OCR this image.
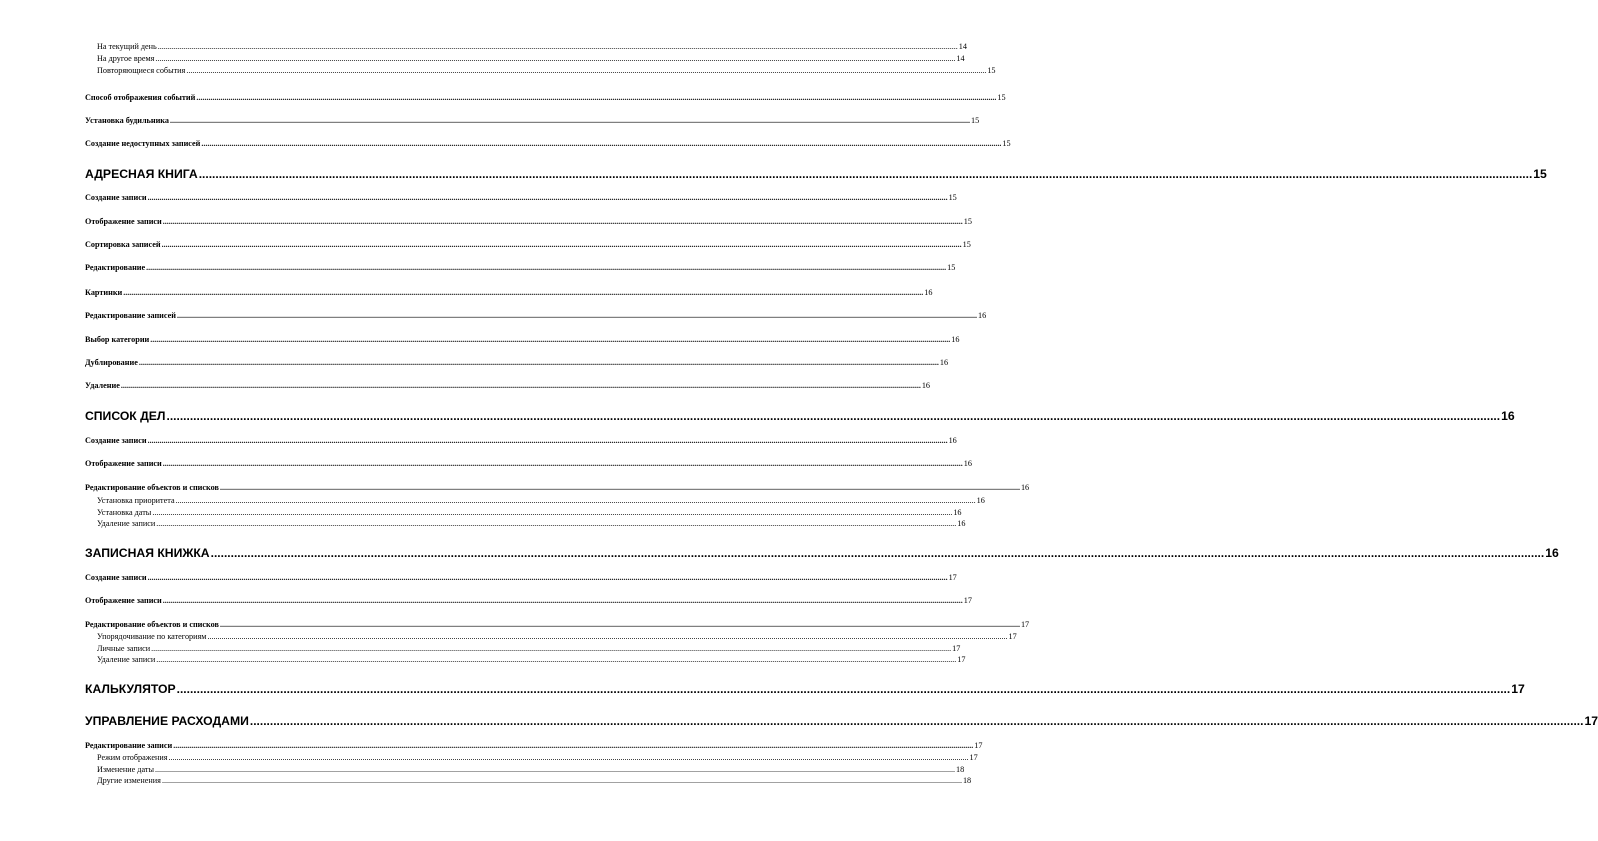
На текущий день ................................................................................................................................................................................................................................................................................................................................................................................................................ 14
На другое время ................................................................................................................................................................................................................................................................................................................................................................................................................ 14
Повторяющиеся события ................................................................................................................................................................................................................................................................................................................................................................................................................ 15
Способ отображения событий ................................................................................................................................................................................................................................................................................................................................................................................................................ 15
Установка будильника ................................................................................................................................................................................................................................................................................................................................................................................................................ 15
Создание недоступных записей ................................................................................................................................................................................................................................................................................................................................................................................................................ 15
АДРЕСНАЯ КНИГА ................................................................................................................................................................................................................................................................................................................................................................................................................ 15
Создание записи ................................................................................................................................................................................................................................................................................................................................................................................................................ 15
Отображение записи ................................................................................................................................................................................................................................................................................................................................................................................................................ 15
Сортировка записей ................................................................................................................................................................................................................................................................................................................................................................................................................ 15
Редактирование ................................................................................................................................................................................................................................................................................................................................................................................................................ 15
Картинки ................................................................................................................................................................................................................................................................................................................................................................................................................ 16
Редактирование записей ................................................................................................................................................................................................................................................................................................................................................................................................................ 16
Выбор категории ................................................................................................................................................................................................................................................................................................................................................................................................................ 16
Дублирование ................................................................................................................................................................................................................................................................................................................................................................................................................ 16
Удаление ................................................................................................................................................................................................................................................................................................................................................................................................................ 16
СПИСОК ДЕЛ ................................................................................................................................................................................................................................................................................................................................................................................................................ 16
Создание записи ................................................................................................................................................................................................................................................................................................................................................................................................................ 16
Отображение записи ................................................................................................................................................................................................................................................................................................................................................................................................................ 16
Редактирование объектов и списков ................................................................................................................................................................................................................................................................................................................................................................................................................ 16
Установка приоритета ................................................................................................................................................................................................................................................................................................................................................................................................................ 16
Установка даты ................................................................................................................................................................................................................................................................................................................................................................................................................ 16
Удаление записи ................................................................................................................................................................................................................................................................................................................................................................................................................ 16
ЗАПИСНАЯ КНИЖКА ................................................................................................................................................................................................................................................................................................................................................................................................................ 16
Создание записи ................................................................................................................................................................................................................................................................................................................................................................................................................ 17
Отображение записи ................................................................................................................................................................................................................................................................................................................................................................................................................ 17
Редактирование объектов и списков ................................................................................................................................................................................................................................................................................................................................................................................................................ 17
Упорядочивание по категориям ................................................................................................................................................................................................................................................................................................................................................................................................................ 17
Личные записи ................................................................................................................................................................................................................................................................................................................................................................................................................ 17
Удаление записи ................................................................................................................................................................................................................................................................................................................................................................................................................ 17
КАЛЬКУЛЯТОР ................................................................................................................................................................................................................................................................................................................................................................................................................ 17
УПРАВЛЕНИЕ РАСХОДАМИ ................................................................................................................................................................................................................................................................................................................................................................................................................ 17
Редактирование записи ................................................................................................................................................................................................................................................................................................................................................................................................................ 17
Режим отображения ................................................................................................................................................................................................................................................................................................................................................................................................................ 17
Изменение даты ................................................................................................................................................................................................................................................................................................................................................................................................................ 18
Другие изменения ................................................................................................................................................................................................................................................................................................................................................................................................................ 18
